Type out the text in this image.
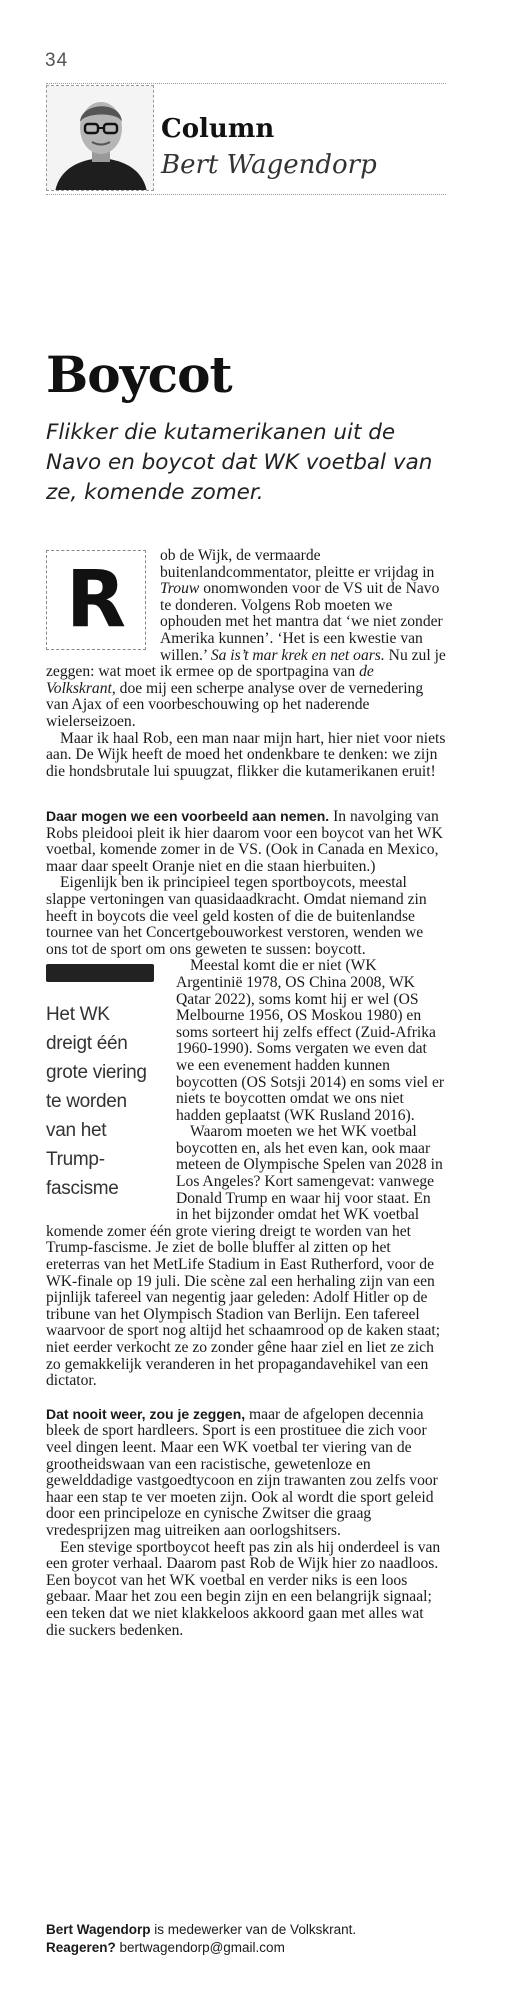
34
Column
Bert Wagendorp
Boycot
Flikker die kutamerikanen uit de Navo en boycot dat WK voetbal van ze, komende zomer.
R	ob de Wijk, de vermaarde buitenlandcommentator, pleitte er vrijdag in Trouw onomwonden voor de VS uit de Navo te donderen. Volgens Rob moeten we ophouden met het mantra dat ‘we niet zonder Amerika kunnen’. ‘Het is een kwestie van willen.’ Sa is’t mar krek en net oars. Nu zul je zeggen: wat moet ik ermee op de sportpagina van de Volkskrant, doe mij een scherpe analyse over de vernedering van Ajax of een voorbeschouwing op het naderende wielerseizoen.

Maar ik haal Rob, een man naar mijn hart, hier niet voor niets aan. De Wijk heeft de moed het ondenkbare te denken: we zijn die hondsbrutale lui spuugzat, flikker die kutamerikanen eruit!

Daar mogen we een voorbeeld aan nemen. In navolging van Robs pleidooi pleit ik hier daarom voor een boycot van het WK voetbal, komende zomer in de VS. (Ook in Canada en Mexico, maar daar speelt Oranje niet en die staan hierbuiten.)

Eigenlijk ben ik principieel tegen sportboycots, meestal slappe vertoningen van quasidaadkracht. Omdat niemand zin heeft in boycots die veel geld kosten of die de buitenlandse tournee van het Concertgebouworkest verstoren, wenden we ons tot de sport om ons geweten te sussen: boycott.

Het WK dreigt één grote viering te worden van het Trump-fascisme

Meestal komt die er niet (WK Argentinië 1978, OS China 2008, WK Qatar 2022), soms komt hij er wel (OS Melbourne 1956, OS Moskou 1980) en soms sorteert hij zelfs effect (Zuid-Afrika 1960-1990). Soms vergaten we even dat we een evenement hadden kunnen boycotten (OS Sotsji 2014) en soms viel er niets te boycotten omdat we ons niet hadden geplaatst (WK Rusland 2016).

Waarom moeten we het WK voetbal boycotten en, als het even kan, ook maar meteen de Olympische Spelen van 2028 in Los Angeles? Kort samengevat: vanwege Donald Trump en waar hij voor staat. En in het bijzonder omdat het WK voetbal komende zomer één grote viering dreigt te worden van het Trump-fascisme. Je ziet de bolle bluffer al zitten op het ereterras van het MetLife Stadium in East Rutherford, voor de WK-finale op 19 juli. Die scène zal een herhaling zijn van een pijnlijk tafereel van negentig jaar geleden: Adolf Hitler op de tribune van het Olympisch Stadion van Berlijn. Een tafereel waarvoor de sport nog altijd het schaamrood op de kaken staat; niet eerder verkocht ze zo zonder gêne haar ziel en liet ze zich zo gemakkelijk veranderen in het propagandavehikel van een dictator.

Dat nooit weer, zou je zeggen, maar de afgelopen decennia bleek de sport hardleers. Sport is een prostituee die zich voor veel dingen leent. Maar een WK voetbal ter viering van de grootheidswaan van een racistische, gewetenloze en gewelddadige vastgoedtycoon en zijn trawanten zou zelfs voor haar een stap te ver moeten zijn. Ook al wordt die sport geleid door een principeloze en cynische Zwitser die graag vredesprijzen mag uitreiken aan oorlogshitsers.

Een stevige sportboycot heeft pas zin als hij onderdeel is van een groter verhaal. Daarom past Rob de Wijk hier zo naadloos. Een boycot van het WK voetbal en verder niks is een loos gebaar. Maar het zou een begin zijn en een belangrijk signaal; een teken dat we niet klakkeloos akkoord gaan met alles wat die suckers bedenken.

Bert Wagendorp is medewerker van de Volkskrant.
Reageren? bertwagendorp@gmail.com
